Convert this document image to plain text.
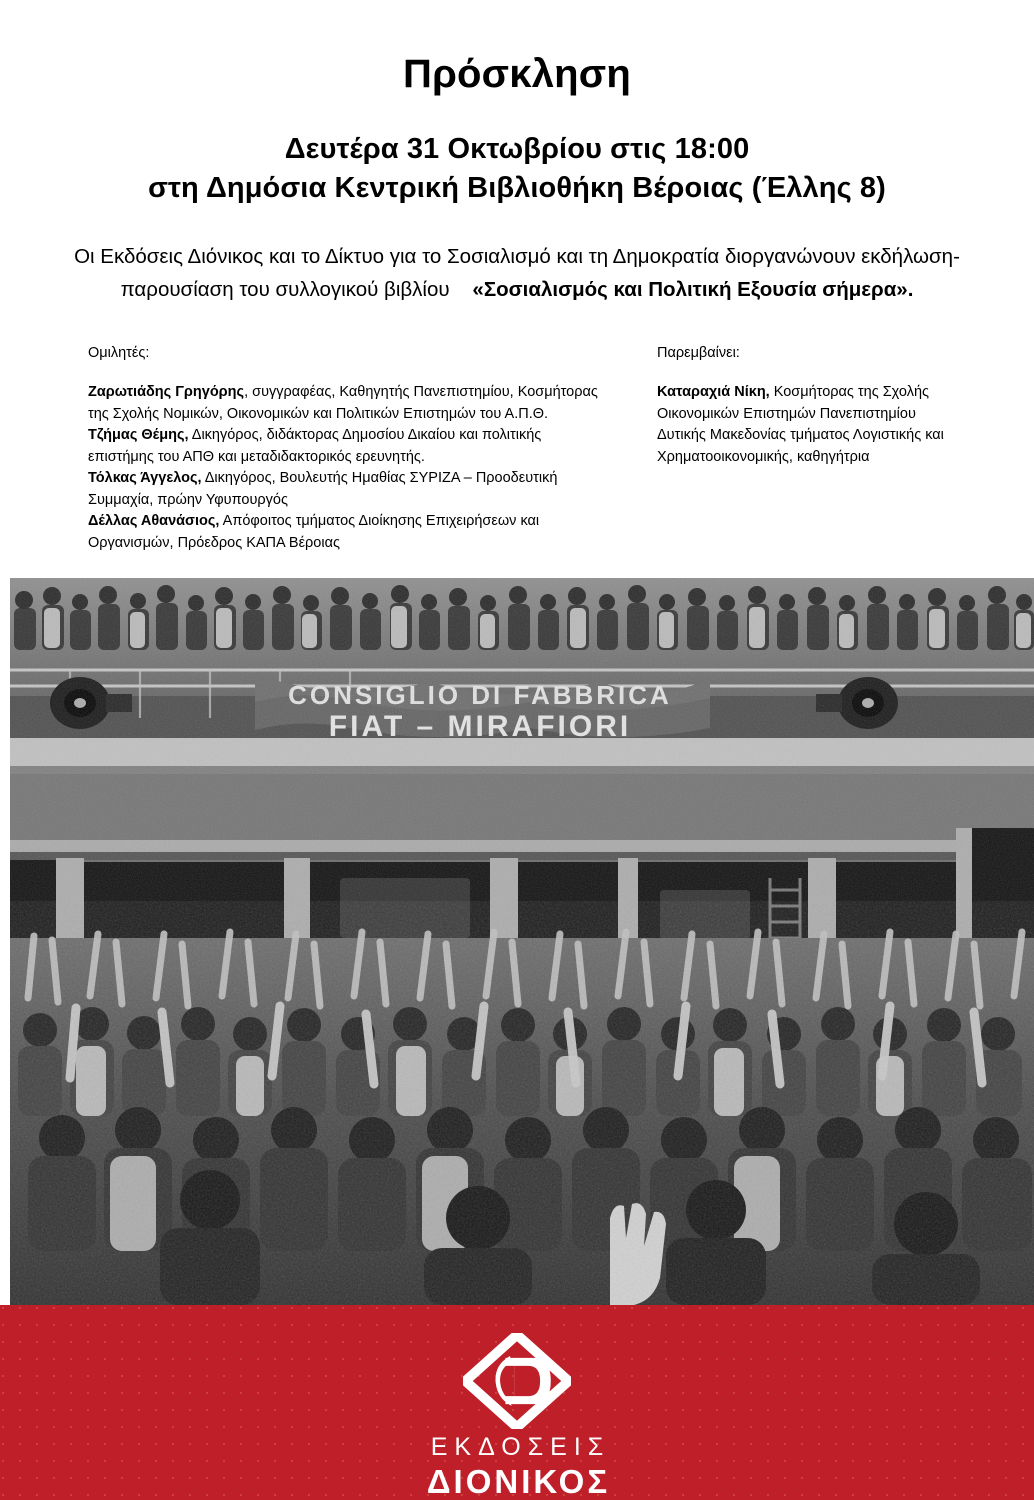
Πρόσκληση

Δευτέρα 31 Οκτωβρίου στις 18:00

στη Δημόσια Κεντρική Βιβλιοθήκη Βέροιας (Έλλης 8)

Οι Εκδόσεις Διόνικος και το Δίκτυο για το Σοσιαλισμό και τη Δημοκρατία διοργανώνουν εκδήλωση-

παρουσίαση του συλλογικού βιβλίου «Σοσιαλισμός και Πολιτική Εξουσία σήμερα».

Ομιλητές:

Ζαρωτιάδης Γρηγόρης, συγγραφέας, Καθηγητής Πανεπιστημίου, Κοσμήτορας της Σχολής Νομικών, Οικονομικών και Πολιτικών Επιστημών του Α.Π.Θ.

Τζήμας Θέμης, Δικηγόρος, διδάκτορας Δημοσίου Δικαίου και πολιτικής επιστήμης του ΑΠΘ και μεταδιδακτορικός ερευνητής.

Τόλκας Άγγελος, Δικηγόρος, Βουλευτής Ημαθίας ΣΥΡΙΖΑ – Προοδευτική Συμμαχία, πρώην Υφυπουργός

Δέλλας Αθανάσιος, Απόφοιτος τμήματος Διοίκησης Επιχειρήσεων και Οργανισμών, Πρόεδρος ΚΑΠΑ Βέροιας

Παρεμβαίνει:

Καταραχιά Νίκη, Κοσμήτορας της Σχολής Οικονομικών Επιστημών Πανεπιστημίου Δυτικής Μακεδονίας τμήματος Λογιστικής και Χρηματοοικονομικής, καθηγήτρια

ΕΚΔΟΣΕΙΣ
ΔΙΟΝΙΚΟΣ
